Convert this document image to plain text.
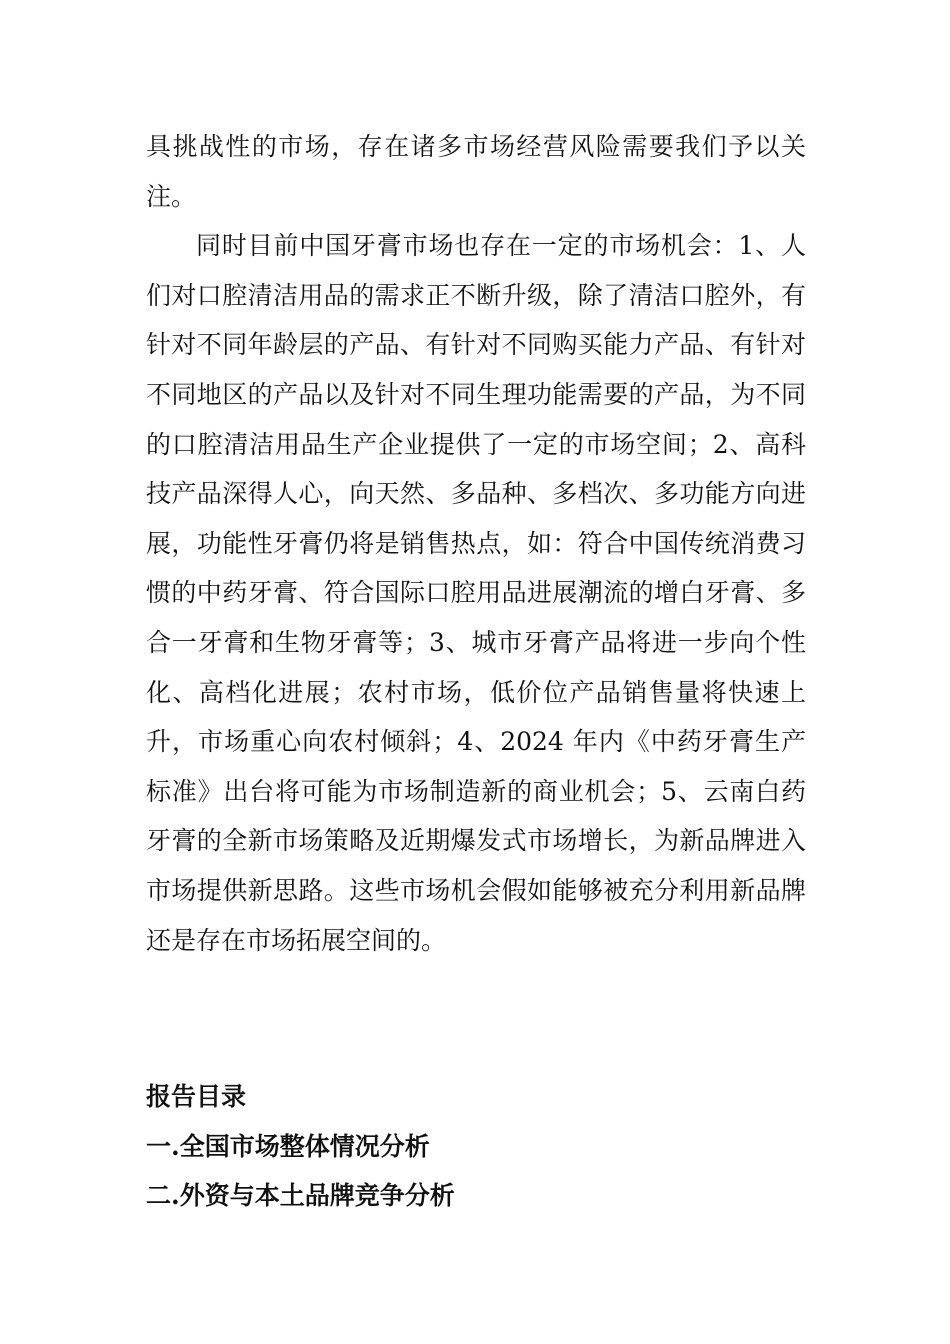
具挑战性的市场，存在诸多市场经营风险需要我们予以关注。

同时目前中国牙膏市场也存在一定的市场机会：1、人们对口腔清洁用品的需求正不断升级，除了清洁口腔外，有针对不同年龄层的产品、有针对不同购买能力产品、有针对不同地区的产品以及针对不同生理功能需要的产品，为不同的口腔清洁用品生产企业提供了一定的市场空间；2、高科技产品深得人心，向天然、多品种、多档次、多功能方向进展，功能性牙膏仍将是销售热点，如：符合中国传统消费习惯的中药牙膏、符合国际口腔用品进展潮流的增白牙膏、多合一牙膏和生物牙膏等；3、城市牙膏产品将进一步向个性化、高档化进展；农村市场，低价位产品销售量将快速上升，市场重心向农村倾斜；4、2024 年内《中药牙膏生产标准》出台将可能为市场制造新的商业机会；5、云南白药牙膏的全新市场策略及近期爆发式市场增长，为新品牌进入市场提供新思路。这些市场机会假如能够被充分利用新品牌还是存在市场拓展空间的。

报告目录

一.全国市场整体情况分析

二.外资与本土品牌竞争分析
